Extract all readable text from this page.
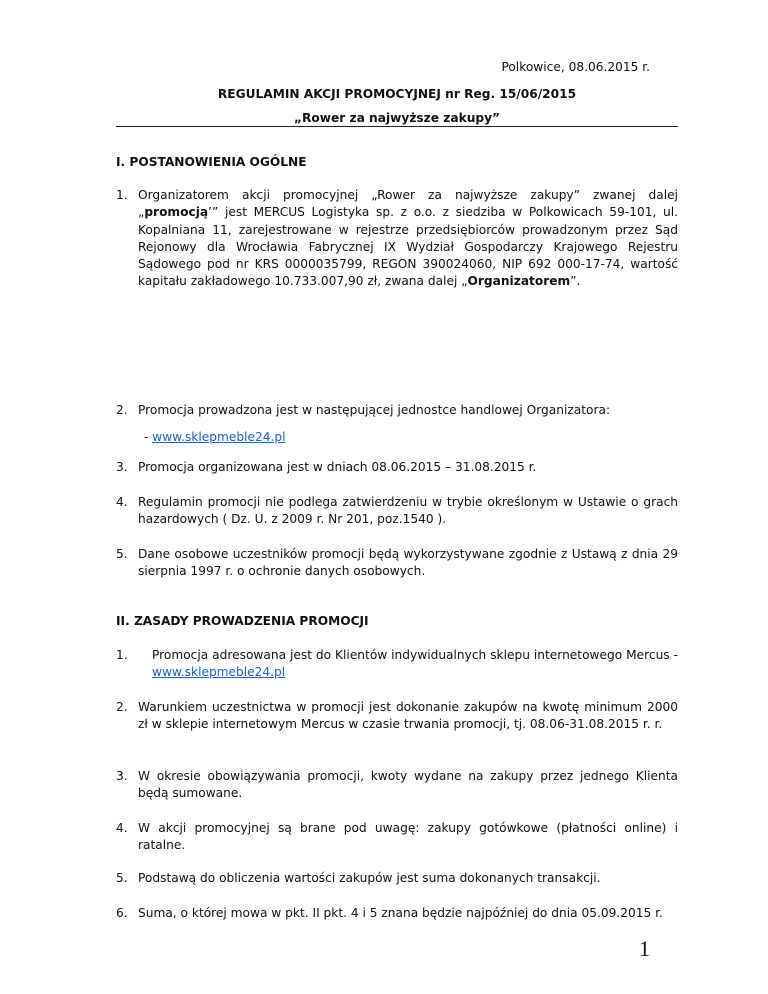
Polkowice, 08.06.2015 r.
REGULAMIN AKCJI PROMOCYJNEJ nr Reg. 15/06/2015
„Rower za najwyższe zakupy”
I. POSTANOWIENIA OGÓLNE
1. Organizatorem akcji promocyjnej „Rower za najwyższe zakupy” zwanej dalej „promocją’” jest MERCUS Logistyka sp. z o.o. z siedziba w Polkowicach 59-101, ul. Kopalniana 11, zarejestrowane w rejestrze przedsiębiorców prowadzonym przez Sąd Rejonowy dla Wrocławia Fabrycznej IX Wydział Gospodarczy Krajowego Rejestru Sądowego pod nr KRS 0000035799, REGON 390024060, NIP 692 000-17-74, wartość kapitału zakładowego 10.733.007,90 zł, zwana dalej „Organizatorem”.
2. Promocja prowadzona jest w następującej jednostce handlowej Organizatora:
- www.sklepmeble24.pl
3. Promocja organizowana jest w dniach 08.06.2015 – 31.08.2015 r.
4. Regulamin promocji nie podlega zatwierdzeniu w trybie określonym w Ustawie o grach hazardowych ( Dz. U. z 2009 r. Nr 201, poz.1540 ).
5. Dane osobowe uczestników promocji będą wykorzystywane zgodnie z Ustawą z dnia 29 sierpnia 1997 r. o ochronie danych osobowych.
II. ZASADY PROWADZENIA PROMOCJI
1. Promocja adresowana jest do Klientów indywidualnych sklepu internetowego Mercus - www.sklepmeble24.pl
2. Warunkiem uczestnictwa w promocji jest dokonanie zakupów na kwotę minimum 2000 zł w sklepie internetowym Mercus w czasie trwania promocji, tj. 08.06-31.08.2015 r. r.
3. W okresie obowiązywania promocji, kwoty wydane na zakupy przez jednego Klienta będą sumowane.
4. W akcji promocyjnej są brane pod uwagę: zakupy gotówkowe (płatności online) i ratalne.
5. Podstawą do obliczenia wartości zakupów jest suma dokonanych transakcji.
6. Suma, o której mowa w pkt. II pkt. 4 i 5 znana będzie najpóźniej do dnia 05.09.2015 r.
1
